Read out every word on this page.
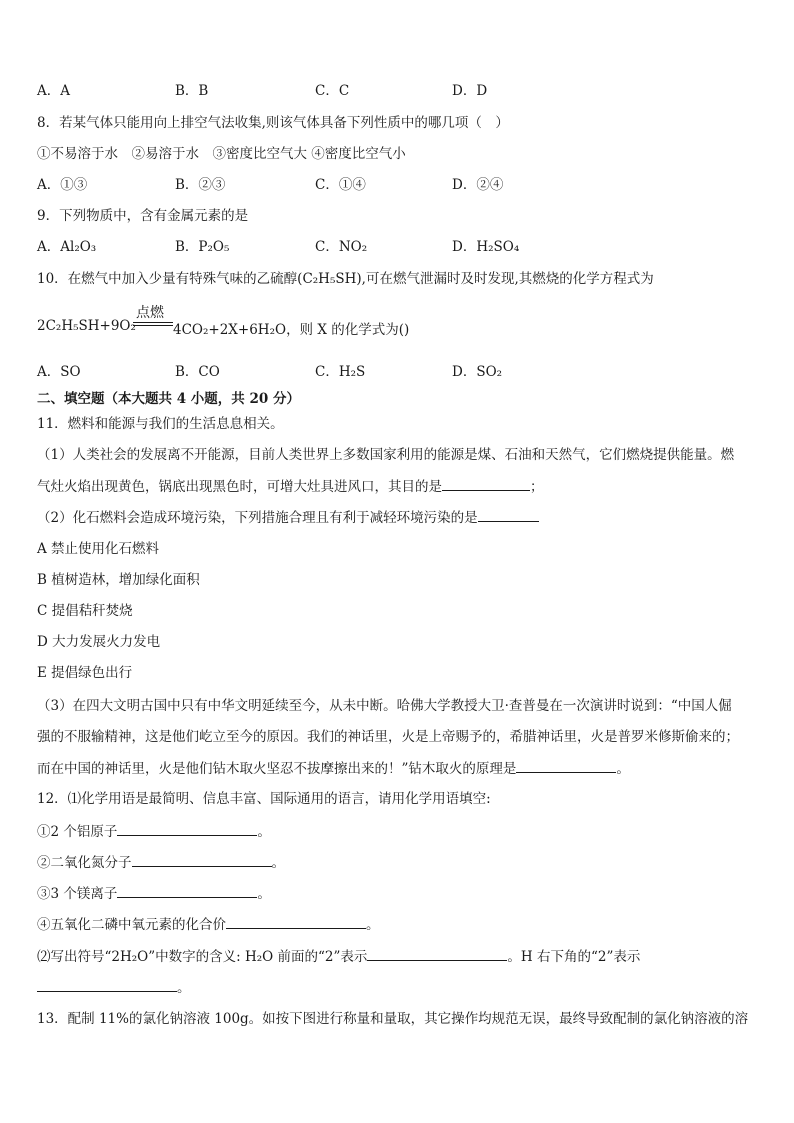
A．A	B．B	C．C	D．D
8．若某气体只能用向上排空气法收集,则该气体具备下列性质中的哪几项（　）
①不易溶于水　②易溶于水　③密度比空气大 ④密度比空气小
A．①③	B．②③	C．①④	D．②④
9．下列物质中，含有金属元素的是
A．Al₂O₃	B．P₂O₅	C．NO₂	D．H₂SO₄
10．在燃气中加入少量有特殊气味的乙硫醇(C₂H₅SH),可在燃气泄漏时及时发现,其燃烧的化学方程式为
点燃
2C₂H₅SH+9O₂	4CO₂+2X+6H₂O，则 X 的化学式为()
A．SO	B．CO	C．H₂S	D．SO₂
二、填空题（本大题共 4 小题，共 20 分）
11．燃料和能源与我们的生活息息相关。
（1）人类社会的发展离不开能源，目前人类世界上多数国家利用的能源是煤、石油和天然气，它们燃烧提供能量。燃
气灶火焰出现黄色，锅底出现黑色时，可增大灶具进风口，其目的是	；
（2）化石燃料会造成环境污染，下列措施合理且有利于减轻环境污染的是
A 禁止使用化石燃料
B 植树造林，增加绿化面积
C 提倡秸秆焚烧
D 大力发展火力发电
E 提倡绿色出行
（3）在四大文明古国中只有中华文明延续至今，从未中断。哈佛大学教授大卫·查普曼在一次演讲时说到：“中国人倔
强的不服输精神，这是他们屹立至今的原因。我们的神话里，火是上帝赐予的，希腊神话里，火是普罗米修斯偷来的；
而在中国的神话里，火是他们钻木取火坚忍不拔摩擦出来的！”钻木取火的原理是	。
12．⑴化学用语是最简明、信息丰富、国际通用的语言，请用化学用语填空:
①2 个铝原子	。
②二氧化氮分子	。
③3 个镁离子	。
④五氧化二磷中氧元素的化合价	。
⑵写出符号“2H₂O”中数字的含义: H₂O 前面的“2”表示	。H 右下角的“2”表示
。
13．配制 11%的氯化钠溶液 100g。如按下图进行称量和量取，其它操作均规范无误，最终导致配制的氯化钠溶液的溶
